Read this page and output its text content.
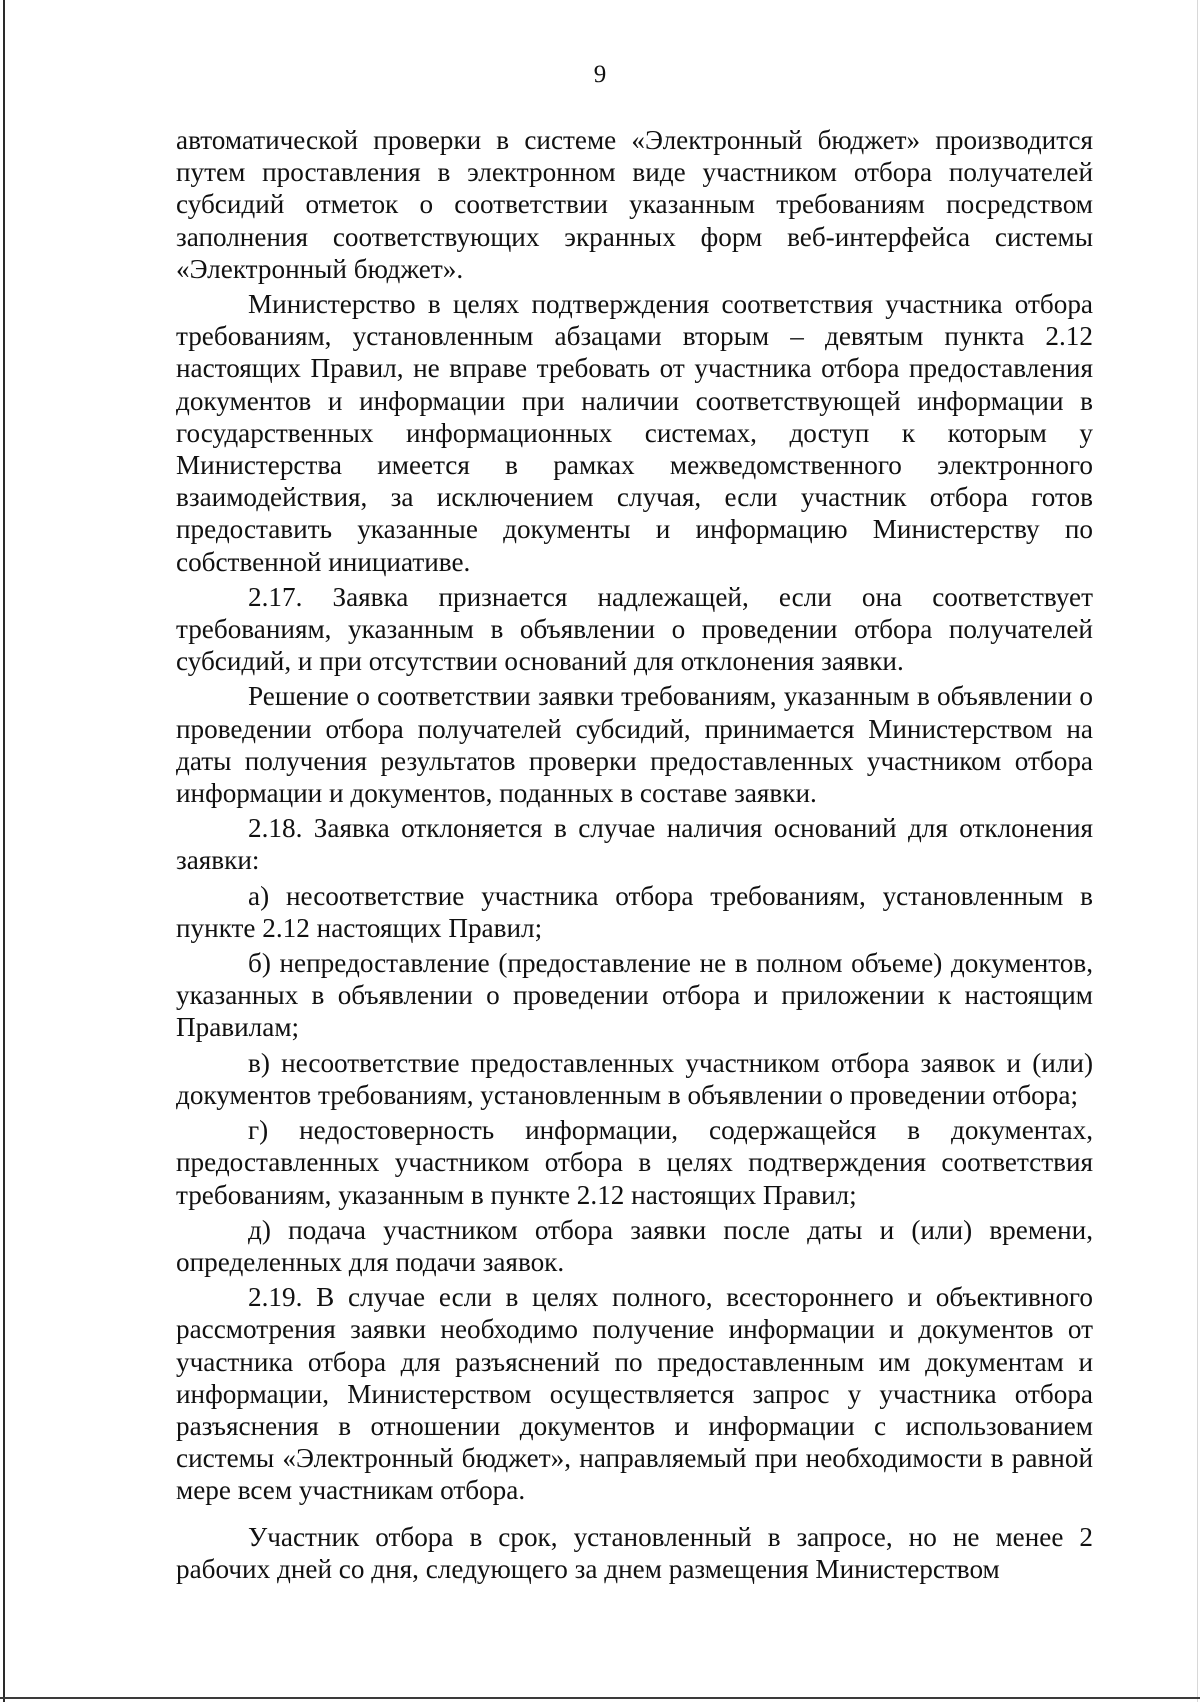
9

автоматической проверки в системе «Электронный бюджет» производится путем проставления в электронном виде участником отбора получателей субсидий отметок о соответствии указанным требованиям посредством заполнения соответствующих экранных форм веб-интерфейса системы «Электронный бюджет».

Министерство в целях подтверждения соответствия участника отбора требованиям, установленным абзацами вторым – девятым пункта 2.12 настоящих Правил, не вправе требовать от участника отбора предоставления документов и информации при наличии соответствующей информации в государственных информационных системах, доступ к которым у Министерства имеется в рамках межведомственного электронного взаимодействия, за исключением случая, если участник отбора готов предоставить указанные документы и информацию Министерству по собственной инициативе.

2.17. Заявка признается надлежащей, если она соответствует требованиям, указанным в объявлении о проведении отбора получателей субсидий, и при отсутствии оснований для отклонения заявки.

Решение о соответствии заявки требованиям, указанным в объявлении о проведении отбора получателей субсидий, принимается Министерством на даты получения результатов проверки предоставленных участником отбора информации и документов, поданных в составе заявки.

2.18. Заявка отклоняется в случае наличия оснований для отклонения заявки:

а) несоответствие участника отбора требованиям, установленным в пункте 2.12 настоящих Правил;

б) непредоставление (предоставление не в полном объеме) документов, указанных в объявлении о проведении отбора и приложении к настоящим Правилам;

в) несоответствие предоставленных участником отбора заявок и (или) документов требованиям, установленным в объявлении о проведении отбора;

г) недостоверность информации, содержащейся в документах, предоставленных участником отбора в целях подтверждения соответствия требованиям, указанным в пункте 2.12 настоящих Правил;

д) подача участником отбора заявки после даты и (или) времени, определенных для подачи заявок.

2.19. В случае если в целях полного, всестороннего и объективного рассмотрения заявки необходимо получение информации и документов от участника отбора для разъяснений по предоставленным им документам и информации, Министерством осуществляется запрос у участника отбора разъяснения в отношении документов и информации с использованием системы «Электронный бюджет», направляемый при необходимости в равной мере всем участникам отбора.

Участник отбора в срок, установленный в запросе, но не менее 2 рабочих дней со дня, следующего за днем размещения Министерством
